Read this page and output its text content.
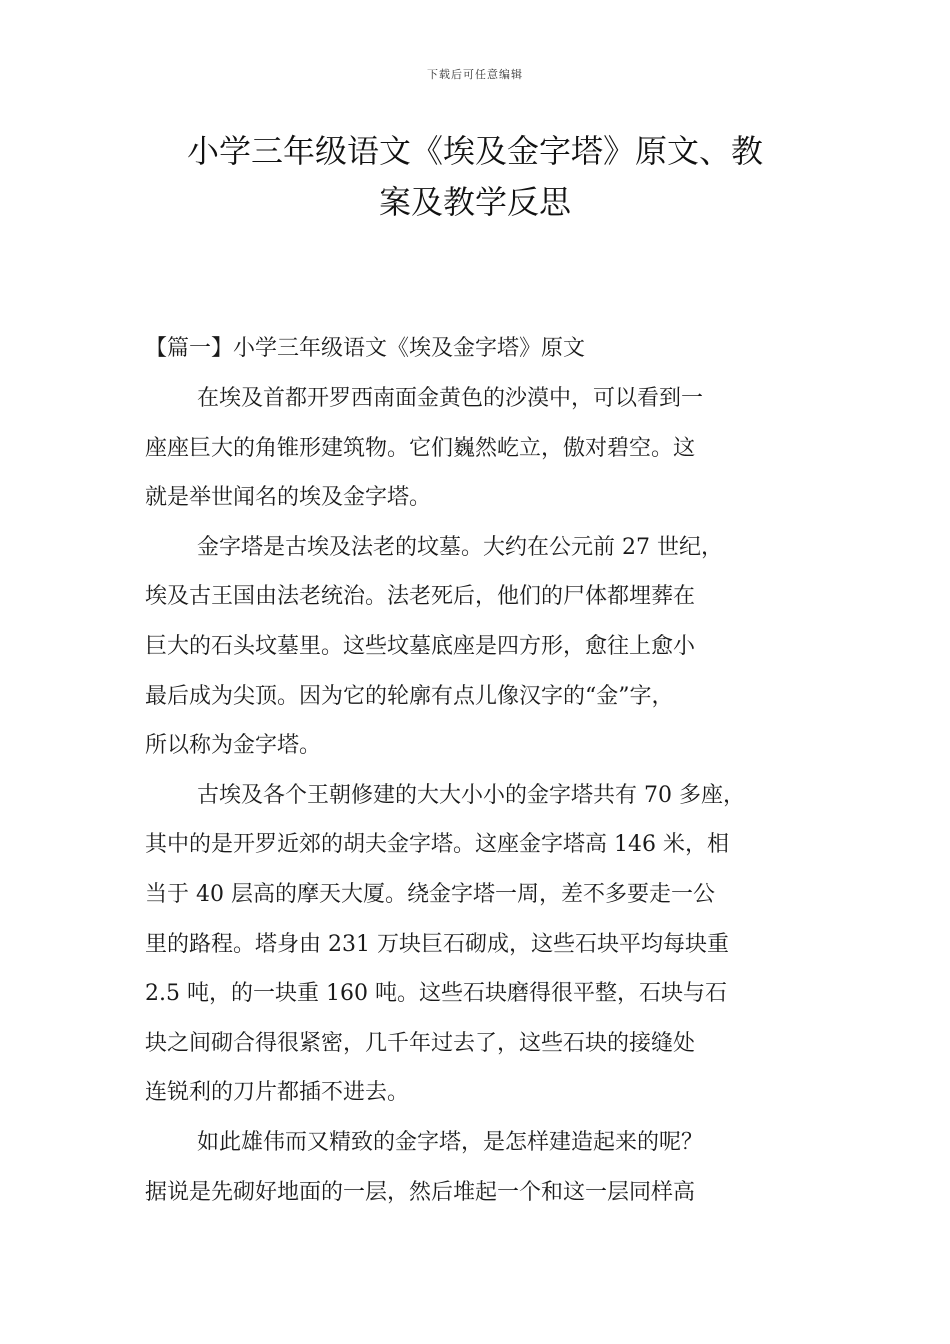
下载后可任意编辑
小学三年级语文《埃及金字塔》原文、教
案及教学反思
【篇一】小学三年级语文《埃及金字塔》原文
在埃及首都开罗西南面金黄色的沙漠中，可以看到一
座座巨大的角锥形建筑物。它们巍然屹立，傲对碧空。这
就是举世闻名的埃及金字塔。
金字塔是古埃及法老的坟墓。大约在公元前 27 世纪，
埃及古王国由法老统治。法老死后，他们的尸体都埋葬在
巨大的石头坟墓里。这些坟墓底座是四方形，愈往上愈小
最后成为尖顶。因为它的轮廓有点儿像汉字的“金”字，
所以称为金字塔。
古埃及各个王朝修建的大大小小的金字塔共有 70 多座，
其中的是开罗近郊的胡夫金字塔。这座金字塔高 146 米，相
当于 40 层高的摩天大厦。绕金字塔一周，差不多要走一公
里的路程。塔身由 231 万块巨石砌成，这些石块平均每块重
2.5 吨，的一块重 160 吨。这些石块磨得很平整，石块与石
块之间砌合得很紧密，几千年过去了，这些石块的接缝处
连锐利的刀片都插不进去。
如此雄伟而又精致的金字塔，是怎样建造起来的呢？
据说是先砌好地面的一层，然后堆起一个和这一层同样高
